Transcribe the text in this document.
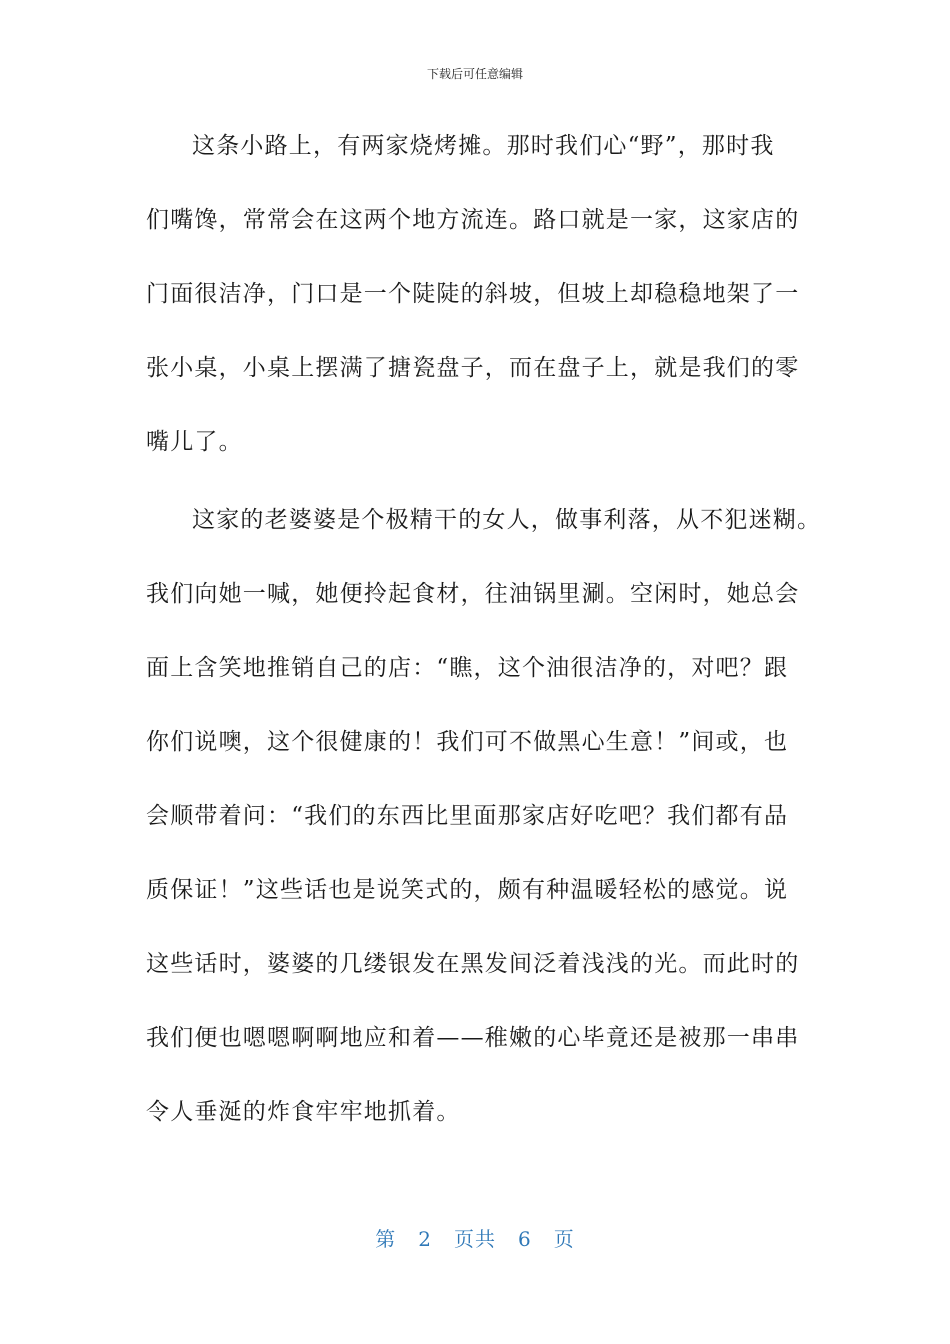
下载后可任意编辑
这条小路上，有两家烧烤摊。那时我们心“野”，那时我
们嘴馋，常常会在这两个地方流连。路口就是一家，这家店的
门面很洁净，门口是一个陡陡的斜坡，但坡上却稳稳地架了一
张小桌，小桌上摆满了搪瓷盘子，而在盘子上，就是我们的零
嘴儿了。
这家的老婆婆是个极精干的女人，做事利落，从不犯迷糊。
我们向她一喊，她便拎起食材，往油锅里涮。空闲时，她总会
面上含笑地推销自己的店：“瞧，这个油很洁净的，对吧？跟
你们说噢，这个很健康的！我们可不做黑心生意！”间或，也
会顺带着问：“我们的东西比里面那家店好吃吧？我们都有品
质保证！”这些话也是说笑式的，颇有种温暖轻松的感觉。说
这些话时，婆婆的几缕银发在黑发间泛着浅浅的光。而此时的
我们便也嗯嗯啊啊地应和着——稚嫩的心毕竟还是被那一串串
令人垂涎的炸食牢牢地抓着。
第 2 页共 6 页
